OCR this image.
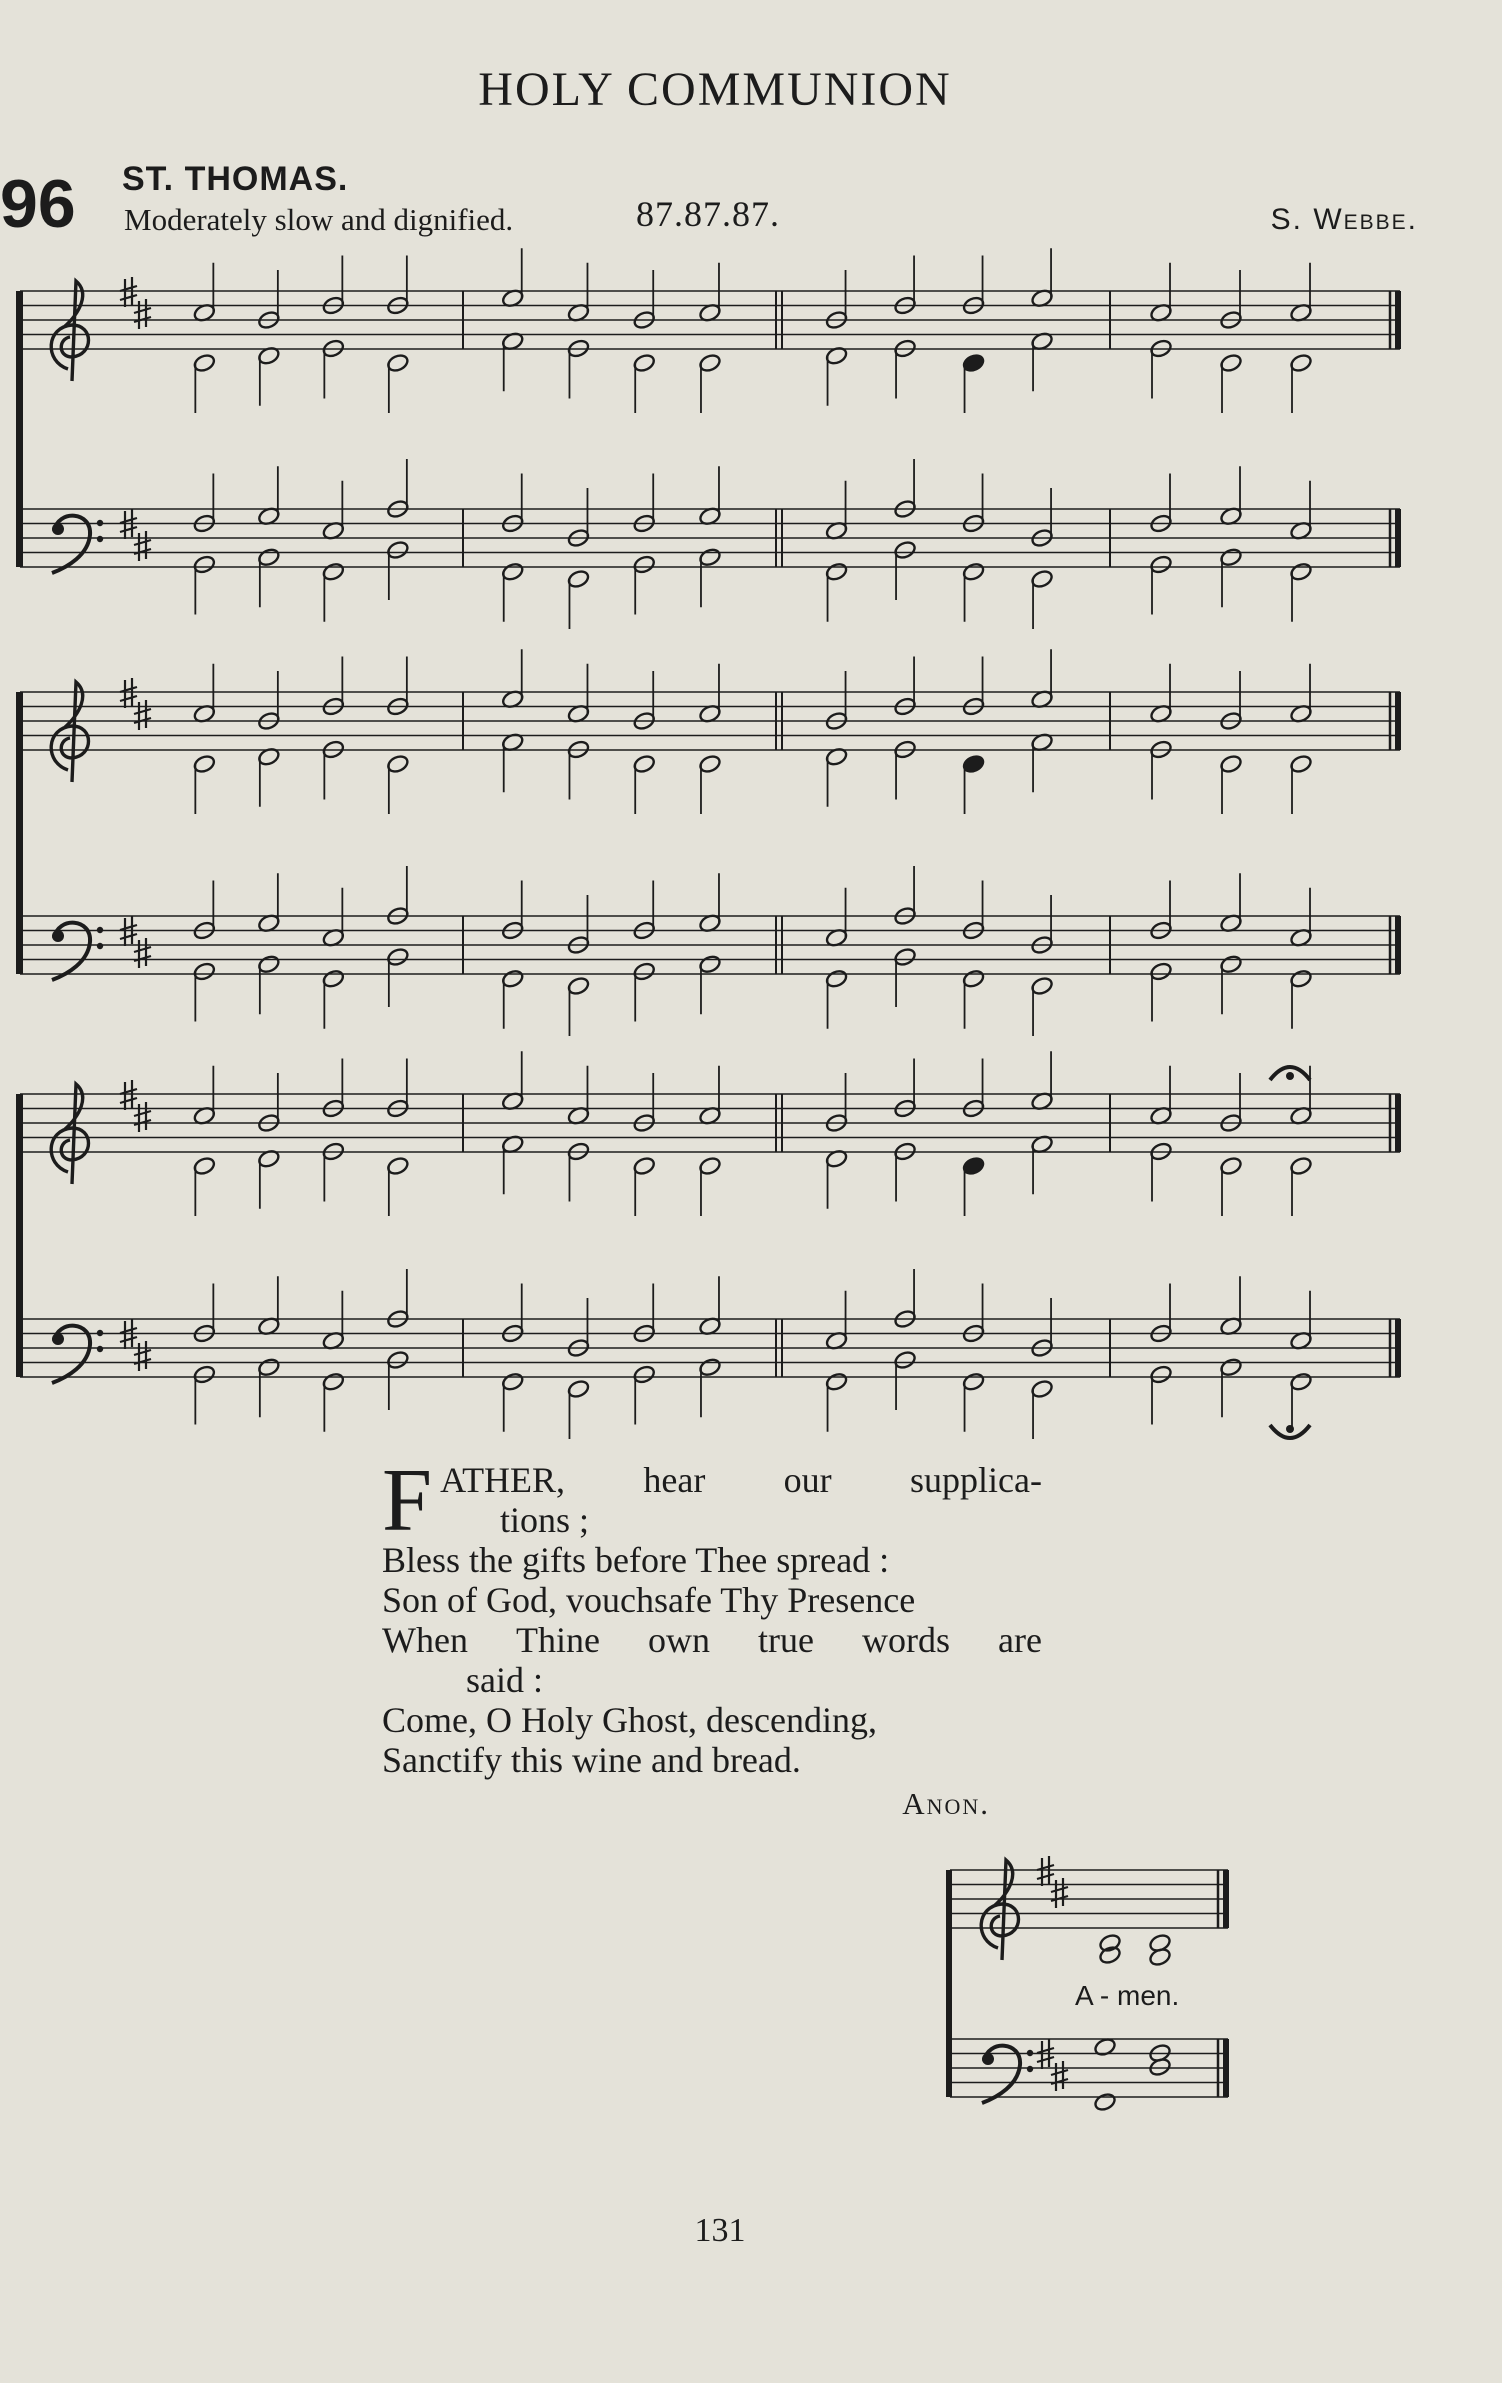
HOLY COMMUNION
96 ST. THOMAS.
Moderately slow and dignified.	87.87.87.	S. Webbe.
F ATHER, hear our supplica-
tions ;
Bless the gifts before Thee spread :
Son of God, vouchsafe Thy Presence
When Thine own true words are
said :
Come, O Holy Ghost, descending,
Sanctify this wine and bread.
Anon.
A - men.
131
